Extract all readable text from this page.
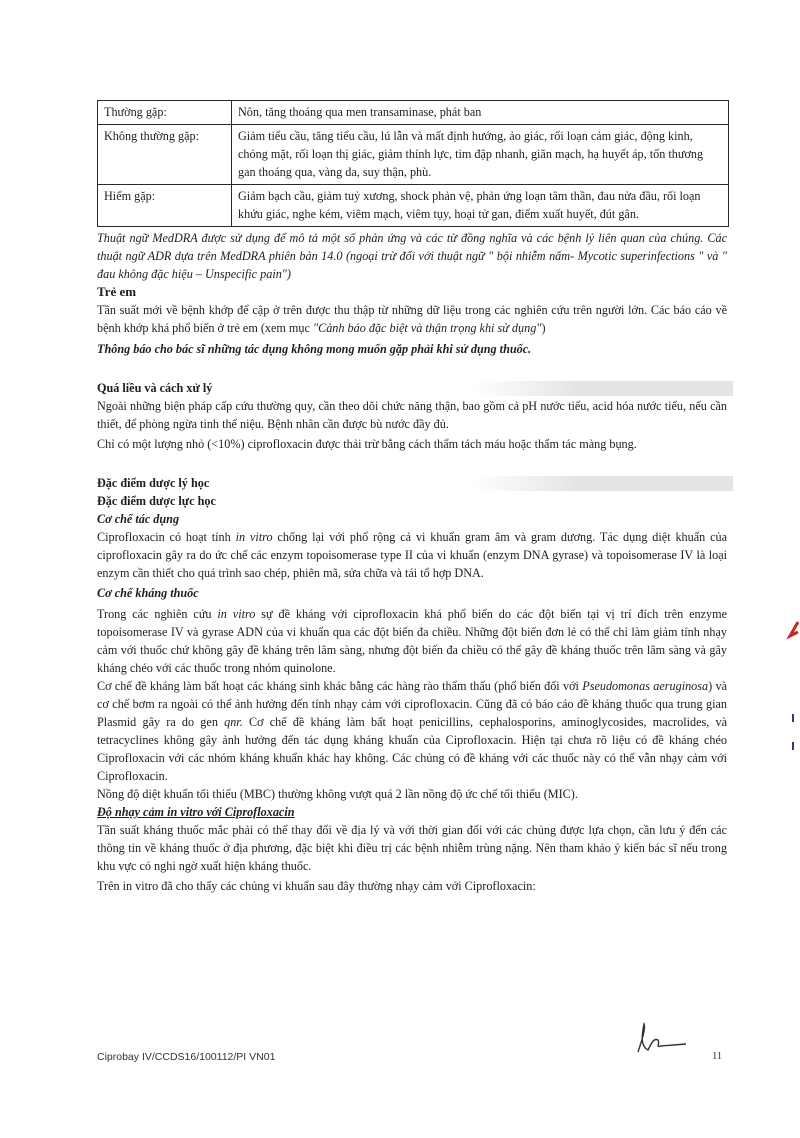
Thường gặp:	Nôn, tăng thoáng qua men transaminase, phát ban
Không thường gặp:	Giảm tiểu cầu, tăng tiểu cầu, lú lẫn và mất định hướng, ảo giác, rối loạn cảm giác, động kinh, chóng mặt, rối loạn thị giác, giảm thính lực, tim đập nhanh, giãn mạch, hạ huyết áp, tổn thương gan thoáng qua, vàng da, suy thận, phù.
Hiếm gặp:	Giảm bạch cầu, giảm tuỷ xương, shock phản vệ, phản ứng loạn tâm thần, đau nửa đầu, rối loạn khứu giác, nghe kém, viêm mạch, viêm tụy, hoại tử gan, điểm xuất huyết, đút gân.

Thuật ngữ MedDRA được sử dụng để mô tả một số phản ứng và các từ đồng nghĩa và các bệnh lý liên quan của chúng. Các thuật ngữ ADR dựa trên MedDRA phiên bản 14.0 (ngoại trừ đối với thuật ngữ " bội nhiễm nấm- Mycotic superinfections " và " đau không đặc hiệu – Unspecific pain")

Trẻ em

Tần suất mới về bệnh khớp để cập ở trên được thu thập từ những dữ liệu trong các nghiên cứu trên người lớn. Các báo cáo về bệnh khớp khá phổ biến ở trẻ em (xem mục "Cảnh báo đặc biệt và thận trọng khi sử dụng")

Thông báo cho bác sĩ những tác dụng không mong muốn gặp phải khi sử dụng thuốc.

Quá liều và cách xử lý

Ngoài những biện pháp cấp cứu thường quy, cần theo dõi chức năng thận, bao gồm cả pH nước tiểu, acid hóa nước tiểu, nếu cần thiết, để phòng ngừa tinh thể niệu. Bệnh nhân cần được bù nước đầy đủ.

Chỉ có một lượng nhỏ (<10%) ciprofloxacin được thải trừ bằng cách thẩm tách máu hoặc thẩm tác màng bụng.

Đặc điểm dược lý học
Đặc điểm dược lực học
Cơ chế tác dụng

Ciprofloxacin có hoạt tính in vitro chống lại với phổ rộng cả vi khuẩn gram âm và gram dương. Tác dụng diệt khuẩn của ciprofloxacin gây ra do ức chế các enzym topoisomerase type II của vi khuẩn (enzym DNA gyrase) và topoisomerase IV là loại enzym cần thiết cho quá trình sao chép, phiên mã, sửa chữa và tái tổ hợp DNA.

Cơ chế kháng thuốc

Trong các nghiên cứu in vitro sự đề kháng với ciprofloxacin khá phổ biến do các đột biến tại vị trí đích trên enzyme topoisomerase IV và gyrase ADN của vi khuẩn qua các đột biến đa chiều. Những đột biến đơn lẻ có thể chỉ làm giảm tính nhạy cảm với thuốc chứ không gây đề kháng trên lâm sàng, nhưng đột biến đa chiều có thể gây đề kháng thuốc trên lâm sàng và gây kháng chéo với các thuốc trong nhóm quinolone.

Cơ chế đề kháng làm bất hoạt các kháng sinh khác bằng các hàng rào thẩm thấu (phổ biến đối với Pseudomonas aeruginosa) và cơ chế bơm ra ngoài có thể ảnh hưởng đến tính nhạy cảm với ciprofloxacin. Cũng đã có báo cáo đề kháng thuốc qua trung gian Plasmid gây ra do gen qnr. Cơ chế đề kháng làm bất hoạt penicillins, cephalosporins, aminoglycosides, macrolides, và tetracyclines không gây ảnh hưởng đến tác dụng kháng khuẩn của Ciprofloxacin. Hiện tại chưa rõ liệu có đề kháng chéo Ciprofloxacin với các nhóm kháng khuẩn khác hay không. Các chủng có đề kháng với các thuốc này có thể vẫn nhạy cảm với Ciprofloxacin.

Nồng độ diệt khuẩn tối thiểu (MBC) thường không vượt quá 2 lần nồng độ ức chế tối thiểu (MIC).

Độ nhạy cảm in vitro với Ciprofloxacin

Tần suất kháng thuốc mắc phải có thể thay đổi về địa lý và với thời gian đối với các chủng được lựa chọn, cần lưu ý đến các thông tin về kháng thuốc ở địa phương, đặc biệt khi điều trị các bệnh nhiễm trùng nặng. Nên tham khảo ý kiến bác sĩ nếu trong khu vực có nghi ngờ xuất hiện kháng thuốc.

Trên in vitro đã cho thấy các chủng vi khuẩn sau đây thường nhạy cảm với Ciprofloxacin:

Ciprobay IV/CCDS16/100112/PI VN01	11
